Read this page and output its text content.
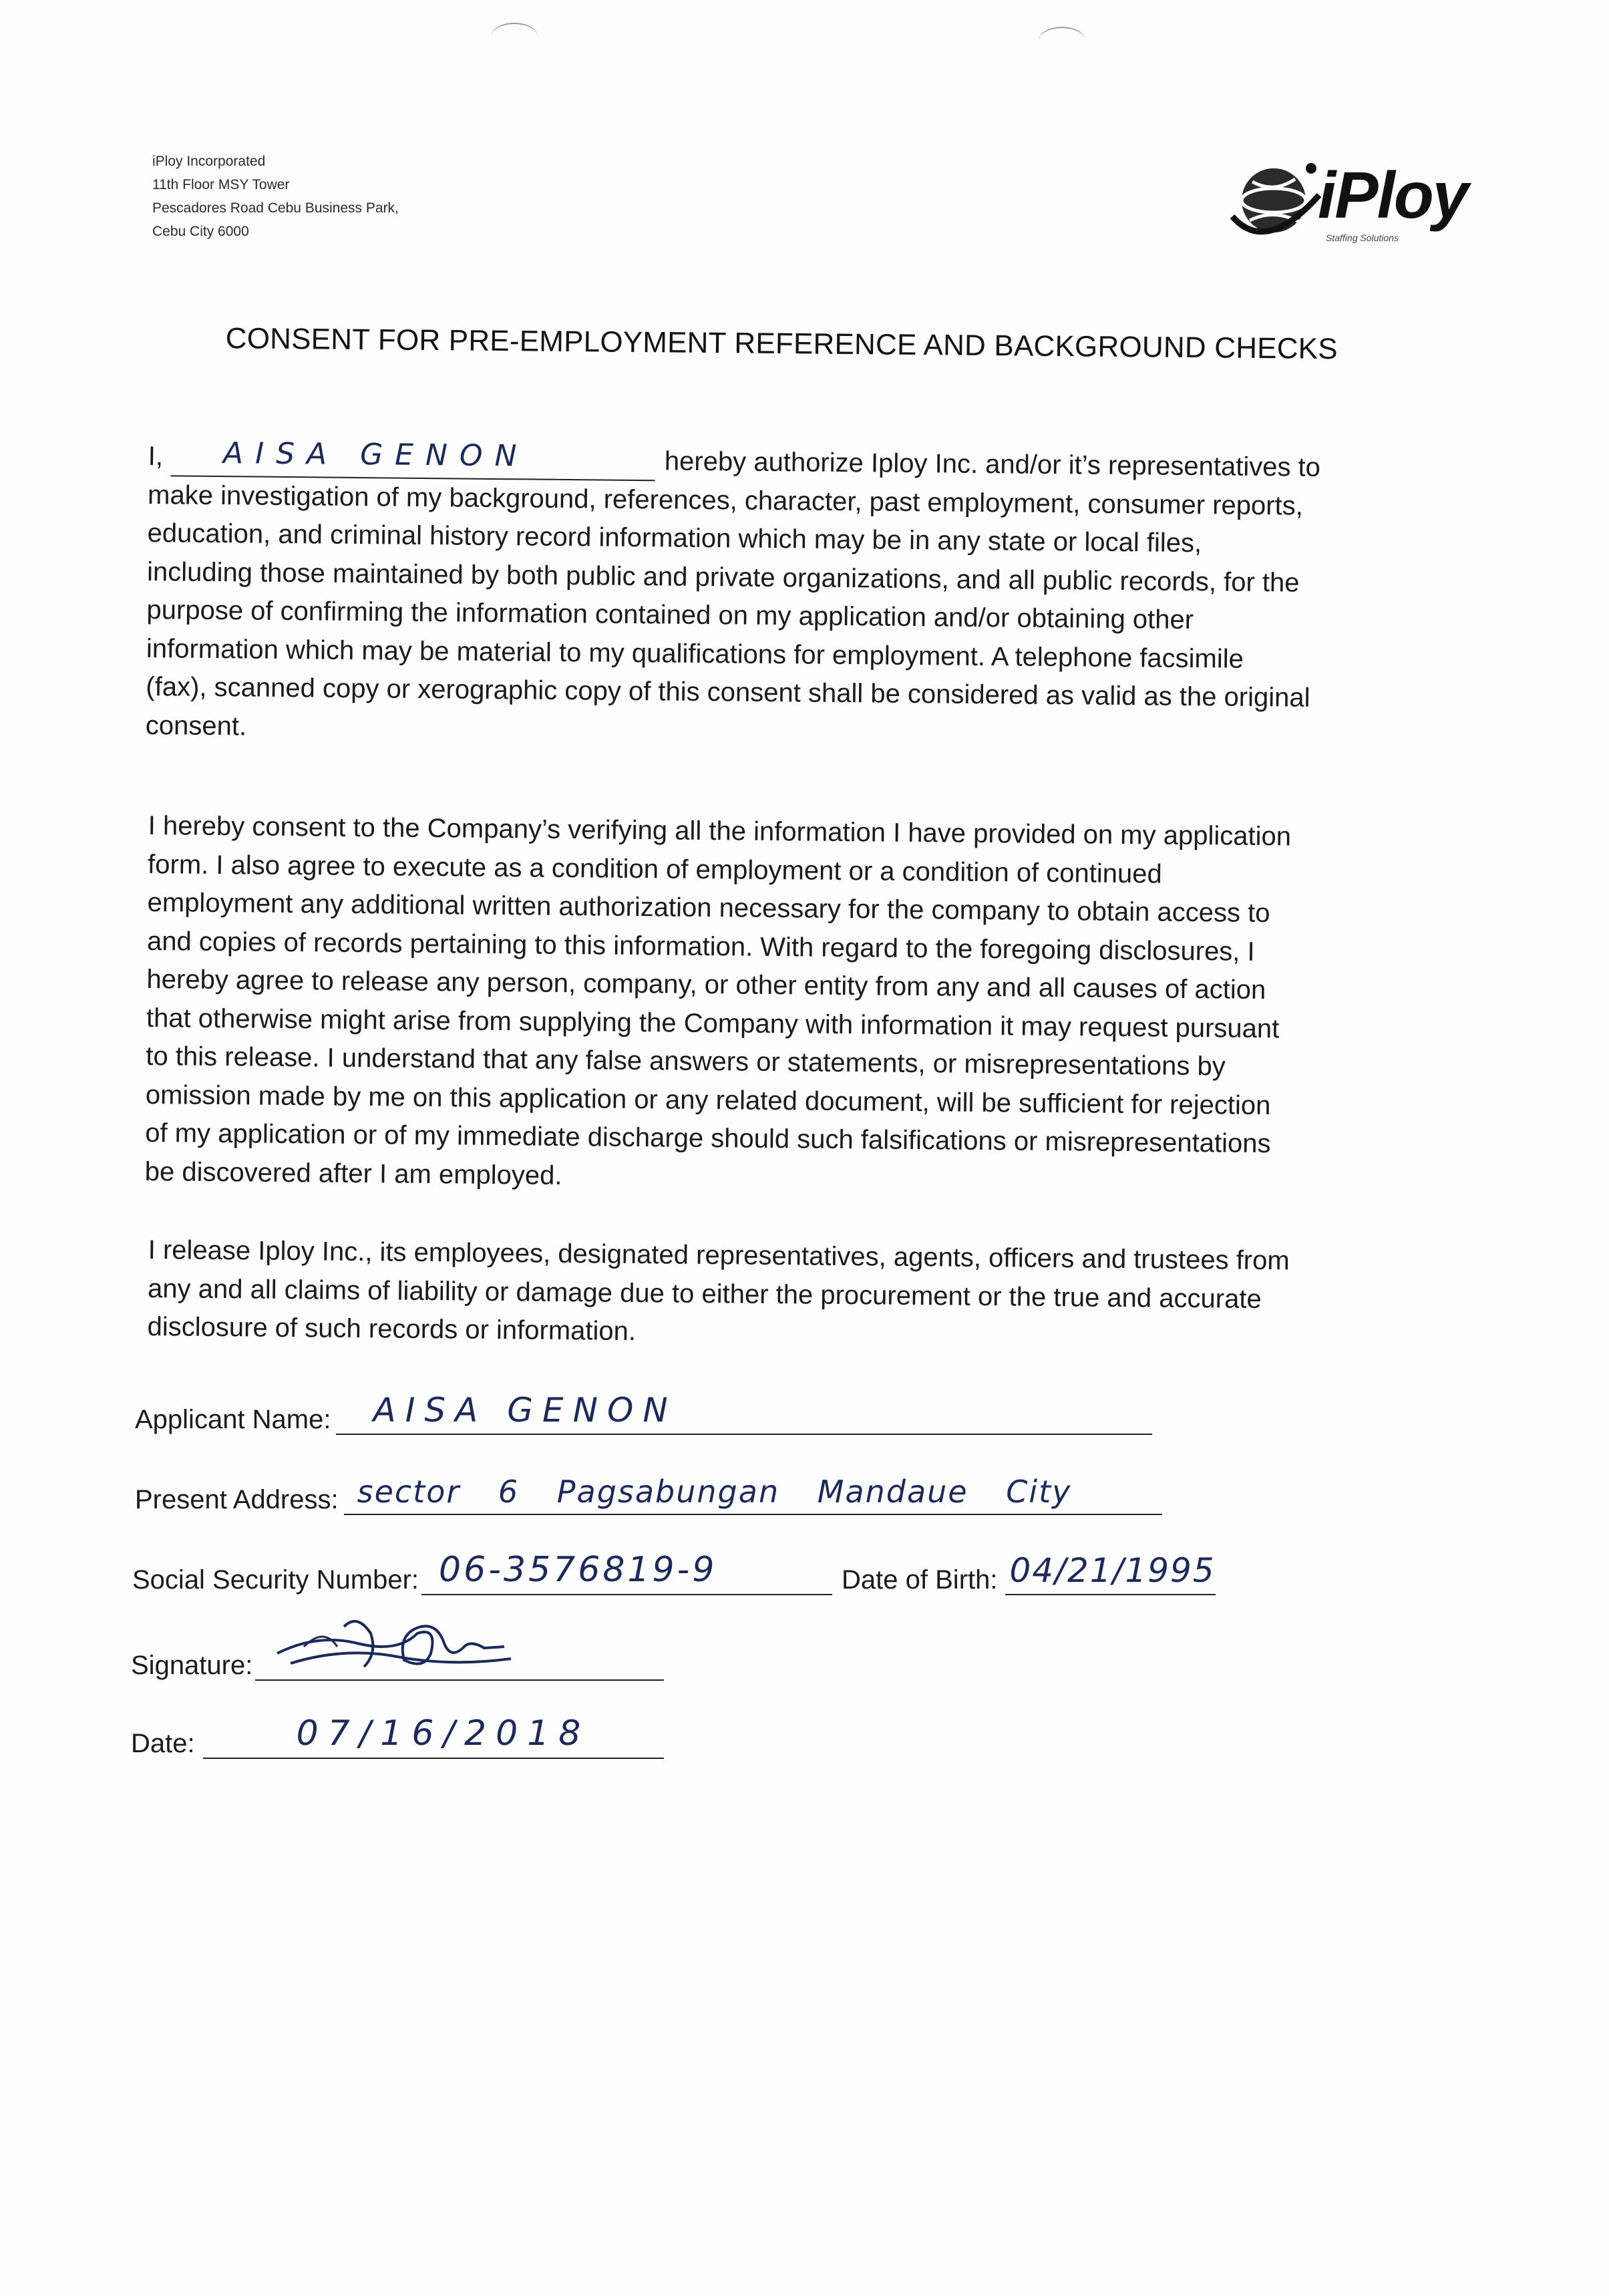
iPloy Incorporated
11th Floor MSY Tower
Pescadores Road Cebu Business Park,
Cebu City 6000	iPloy
Staffing Solutions
CONSENT FOR PRE-EMPLOYMENT REFERENCE AND BACKGROUND CHECKS
I, AISA GENON	hereby authorize Iploy Inc. and/or it’s representatives to
make investigation of my background, references, character, past employment, consumer reports,
education, and criminal history record information which may be in any state or local files,
including those maintained by both public and private organizations, and all public records, for the
purpose of confirming the information contained on my application and/or obtaining other
information which may be material to my qualifications for employment. A telephone facsimile
(fax), scanned copy or xerographic copy of this consent shall be considered as valid as the original
consent.
I hereby consent to the Company’s verifying all the information I have provided on my application
form. I also agree to execute as a condition of employment or a condition of continued
employment any additional written authorization necessary for the company to obtain access to
and copies of records pertaining to this information. With regard to the foregoing disclosures, I
hereby agree to release any person, company, or other entity from any and all causes of action
that otherwise might arise from supplying the Company with information it may request pursuant
to this release. I understand that any false answers or statements, or misrepresentations by
omission made by me on this application or any related document, will be sufficient for rejection
of my application or of my immediate discharge should such falsifications or misrepresentations
be discovered after I am employed.
I release Iploy Inc., its employees, designated representatives, agents, officers and trustees from
any and all claims of liability or damage due to either the procurement or the true and accurate
disclosure of such records or information.
Applicant Name: AISA GENON
Present Address: sector 6 Pagsabungan Mandaue City
Social Security Number: 06-3576819-9	Date of Birth: 04/21/1995
Signature:
Date:	07/16/2018
